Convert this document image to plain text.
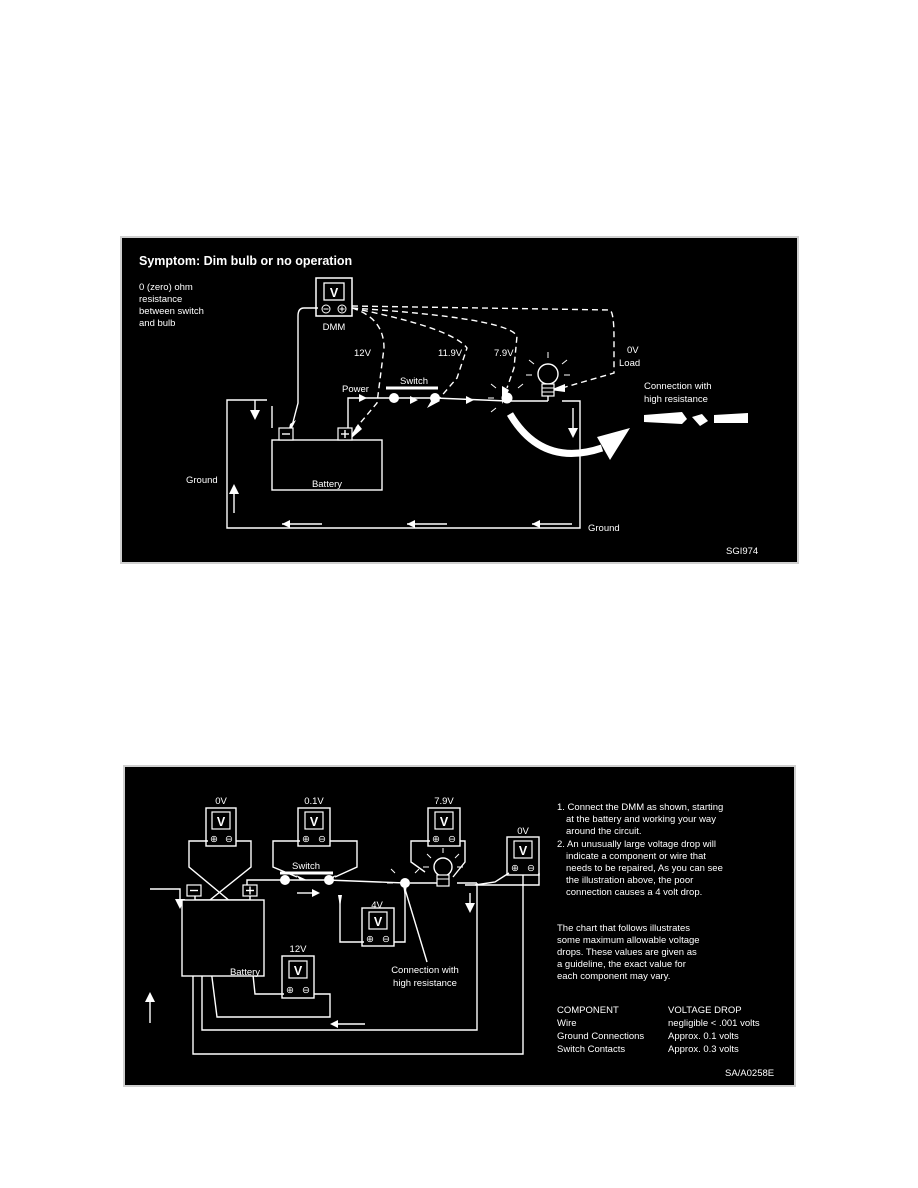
Symptom: Dim bulb or no operation
0 (zero) ohm
resistance
between switch
and bulb
V
DMM
12V	11.9V	7.9V	0V
Load
Switch
Power
Battery
Ground
Ground
Connection with
high resistance
SGI974
V
⊕ ⊖
0V
V
⊕ ⊖
0.1V
V
⊕ ⊖
7.9V
V
⊕ ⊖
0V
V
⊕ ⊖
4V
V
⊕ ⊖
12V
Switch
Connection with
high resistance
Battery
1. Connect the DMM as shown, starting
at the battery and working your way
around the circuit.
2. An unusually large voltage drop will
indicate a component or wire that
needs to be repaired, As you can see
the illustration above, the poor
connection causes a 4 volt drop.
The chart that follows illustrates
some maximum allowable voltage
drops. These values are given as
a guideline, the exact value for
each component may vary.
COMPONENT	VOLTAGE DROP
Wire	negligible < .001 volts
Ground Connections	Approx. 0.1 volts
Switch Contacts	Approx. 0.3 volts
SA/A0258E
